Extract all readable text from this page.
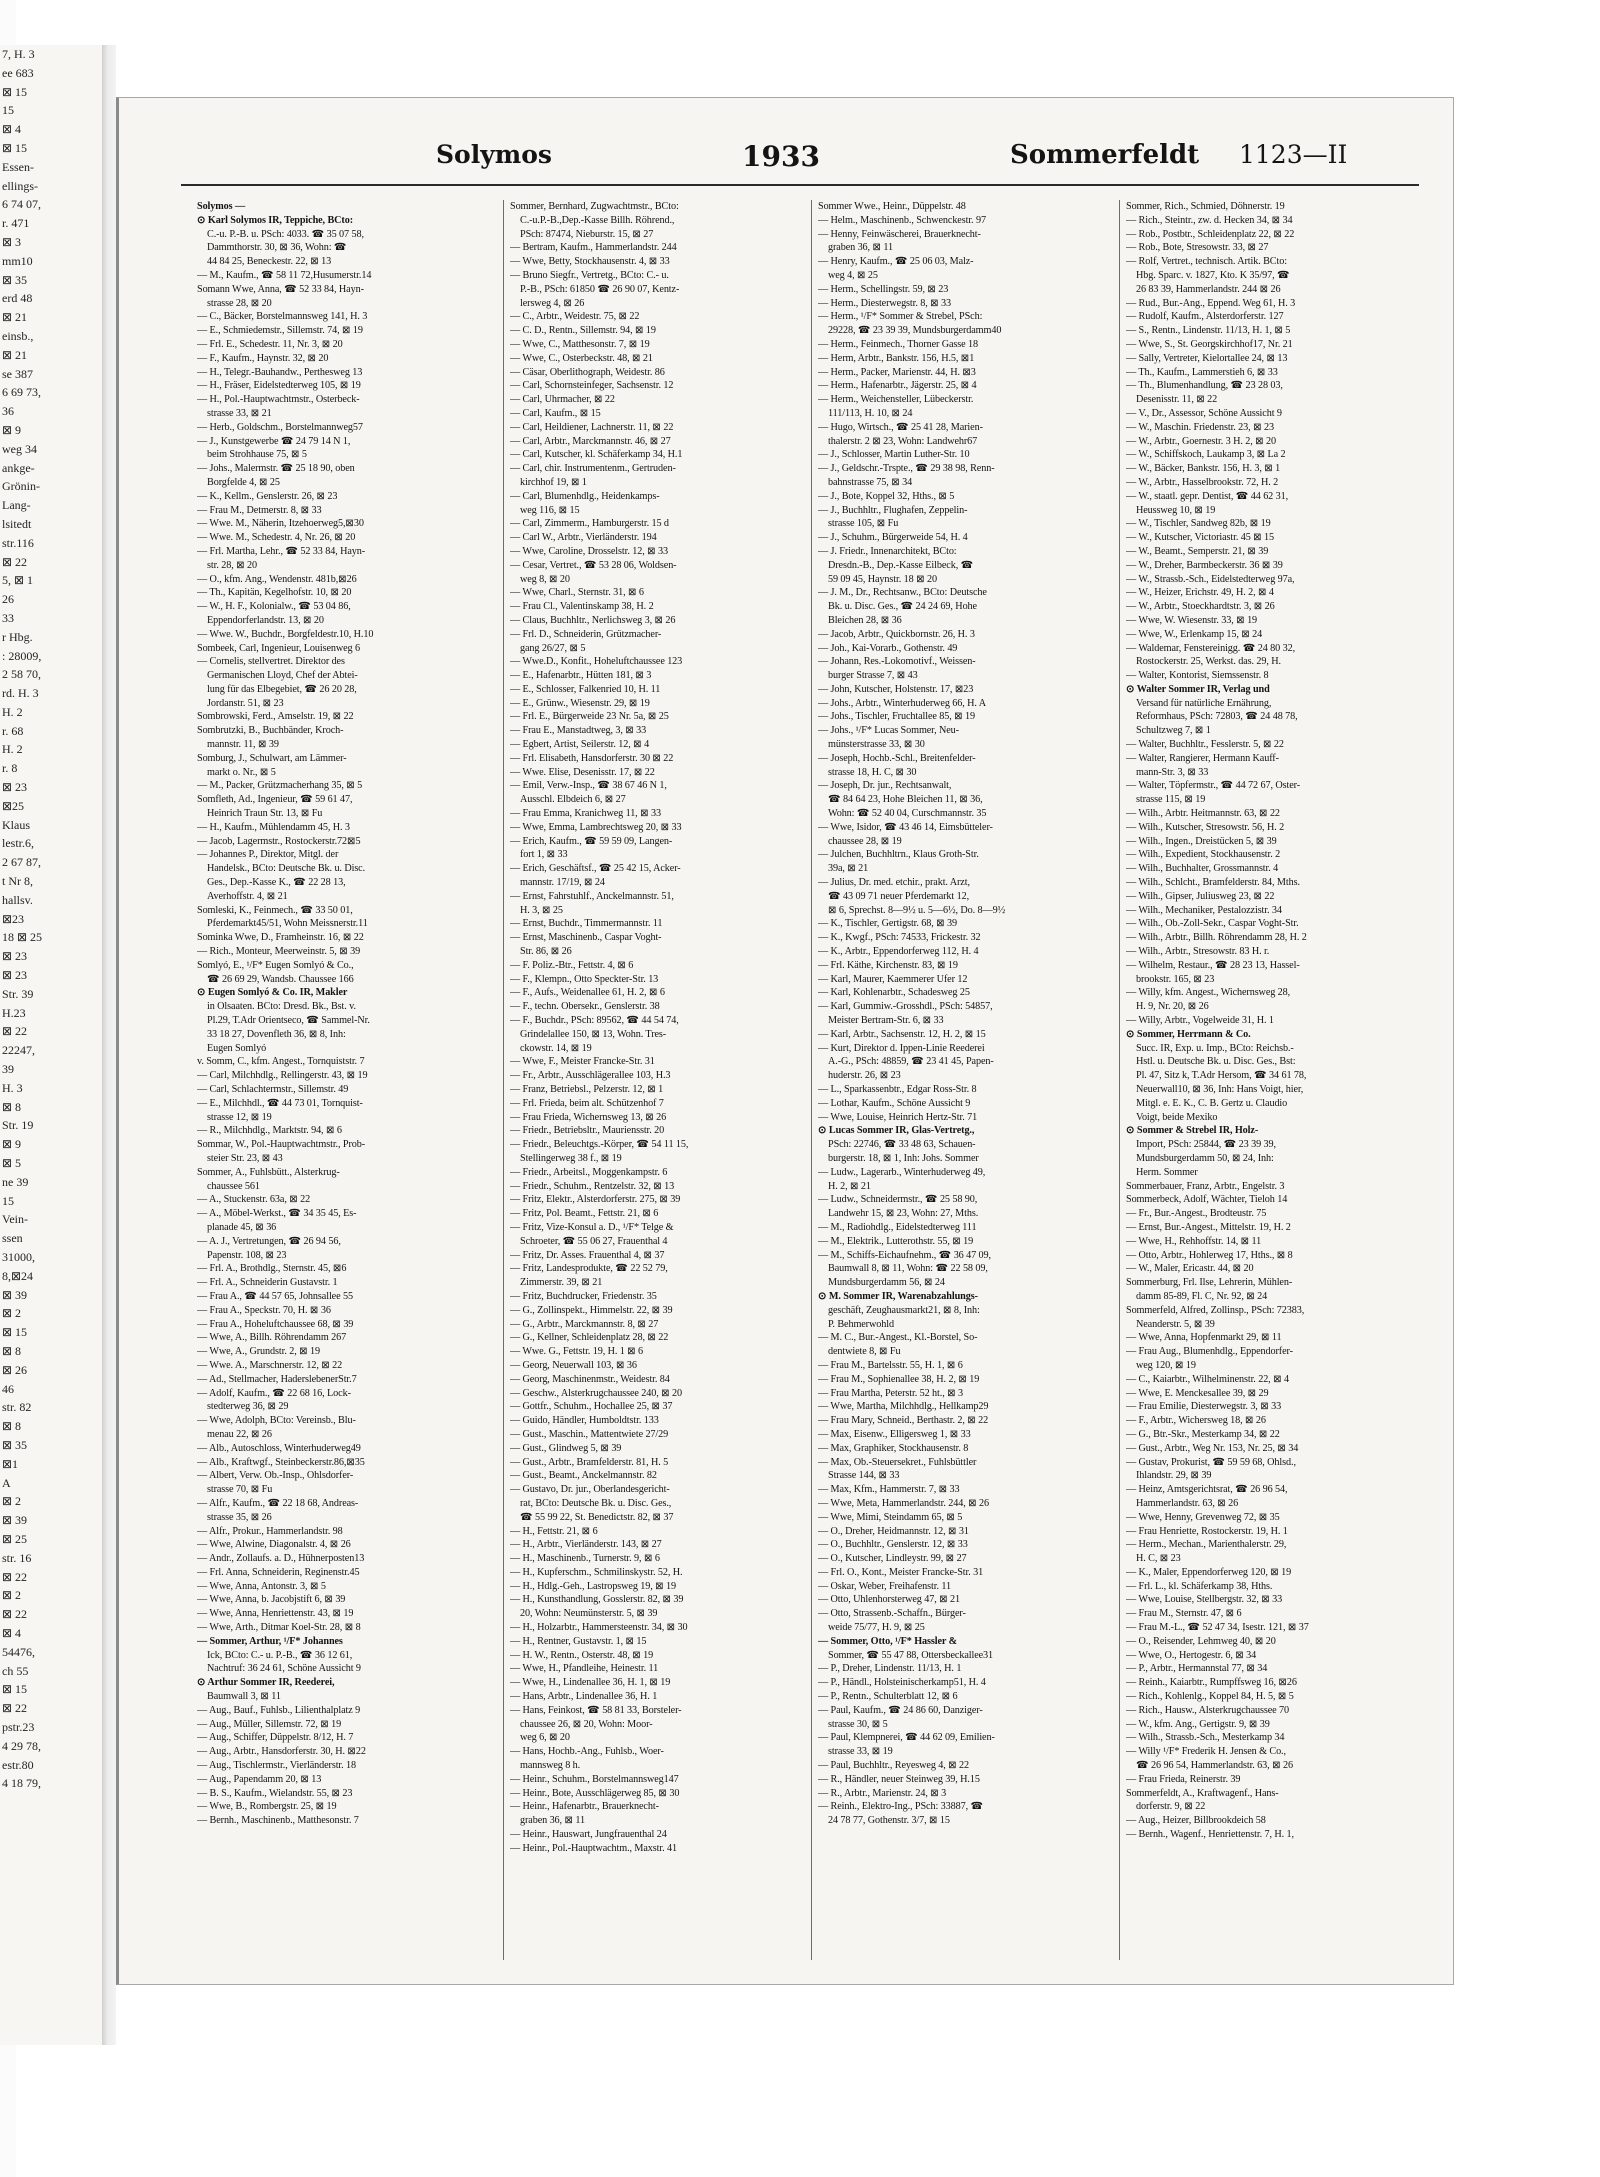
7, H. 3
ee 683
⊠ 15
15
⊠ 4
⊠ 15
Essen-
ellings-
6 74 07,
r. 471
⊠ 3
mm10
⊠ 35
erd 48
⊠ 21
einsb.,
⊠ 21
se 387
6 69 73,
36
⊠ 9
weg 34
ankge-
Grönin-
Lang-
lsitedt
str.116
⊠ 22
5, ⊠ 1
26
33
r Hbg.
: 28009,
2 58 70,
rd. H. 3
H. 2
r. 68
H. 2
r. 8
⊠ 23
⊠25
Klaus
lestr.6,
2 67 87,
t Nr 8,
hallsv.
⊠23
18 ⊠ 25
⊠ 23
⊠ 23
Str. 39
H.23
⊠ 22
22247,
39
H. 3
⊠ 8
Str. 19
⊠ 9
⊠ 5
ne 39
15
Vein-
ssen
31000,
8,⊠24
⊠ 39
⊠ 2
⊠ 15
⊠ 8
⊠ 26
46
str. 82
⊠ 8
⊠ 35
⊠1
A
⊠ 2
⊠ 39
⊠ 25
str. 16
⊠ 22
⊠ 2
⊠ 22
⊠ 4
54476,
ch 55
⊠ 15
⊠ 22
pstr.23
4 29 78,
estr.80
4 18 79,
Solymos	1933	Sommerfeldt 1123—II
Solymos —
⊙ Karl Solymos IR, Teppiche, BCto:
C.-u. P.-B. u. PSch: 4033. ☎ 35 07 58,
Dammthorstr. 30, ⊠ 36, Wohn: ☎
44 84 25, Beneckestr. 22, ⊠ 13
— M., Kaufm., ☎ 58 11 72,Husumerstr.14
Somann Wwe, Anna, ☎ 52 33 84, Hayn-
strasse 28, ⊠ 20
— C., Bäcker, Borstelmannsweg 141, H. 3
— E., Schmiedemstr., Sillemstr. 74, ⊠ 19
— Frl. E., Schedestr. 11, Nr. 3, ⊠ 20
— F., Kaufm., Haynstr. 32, ⊠ 20
— H., Telegr.-Bauhandw., Perthesweg 13
— H., Fräser, Eidelstedterweg 105, ⊠ 19
— H., Pol.-Hauptwachtmstr., Osterbeck-
strasse 33, ⊠ 21
— Herb., Goldschm., Borstelmannweg57
— J., Kunstgewerbe ☎ 24 79 14 N 1,
beim Strohhause 75, ⊠ 5
— Johs., Malermstr. ☎ 25 18 90, oben
Borgfelde 4, ⊠ 25
— K., Kellm., Genslerstr. 26, ⊠ 23
— Frau M., Detmerstr. 8, ⊠ 33
— Wwe. M., Näherin, Itzehoerweg5,⊠30
— Wwe. M., Schedestr. 4, Nr. 26, ⊠ 20
— Frl. Martha, Lehr., ☎ 52 33 84, Hayn-
str. 28, ⊠ 20
— O., kfm. Ang., Wendenstr. 481b,⊠26
— Th., Kapitän, Kegelhofstr. 10, ⊠ 20
— W., H. F., Kolonialw., ☎ 53 04 86,
Eppendorferlandstr. 13, ⊠ 20
— Wwe. W., Buchdr., Borgfeldestr.10, H.10
Sombeek, Carl, Ingenieur, Louisenweg 6
— Cornelis, stellvertret. Direktor des
Germanischen Lloyd, Chef der Abtei-
lung für das Elbegebiet, ☎ 26 20 28,
Jordanstr. 51, ⊠ 23
Sombrowski, Ferd., Amselstr. 19, ⊠ 22
Sombrutzki, B., Buchbänder, Kroch-
mannstr. 11, ⊠ 39
Somburg, J., Schulwart, am Lämmer-
markt o. Nr., ⊠ 5
— M., Packer, Grützmacherhang 35, ⊠ 5
Somfleth, Ad., Ingenieur, ☎ 59 61 47,
Heinrich Traun Str. 13, ⊠ Fu
— H., Kaufm., Mühlendamm 45, H. 3
— Jacob, Lagermstr., Rostockerstr.72⊠5
— Johannes P., Direktor, Mitgl. der
Handelsk., BCto: Deutsche Bk. u. Disc.
Ges., Dep.-Kasse K., ☎ 22 28 13,
Averhoffstr. 4, ⊠ 21
Somleski, K., Feinmech., ☎ 33 50 01,
Pferdemarkt45/51, Wohn Meissnerstr.11
Sominka Wwe, D., Framheinstr. 16, ⊠ 22
— Rich., Monteur, Meerweinstr. 5, ⊠ 39
Somlyó, E., ¹/F* Eugen Somlyó & Co.,
☎ 26 69 29, Wandsb. Chaussee 166
⊙ Eugen Somlyó & Co. IR, Makler
in Olsaaten. BCto: Dresd. Bk., Bst. v.
Pl.29, T.Adr Orientseco, ☎ Sammel-Nr.
33 18 27, Dovenfleth 36, ⊠ 8, Inh:
Eugen Somlyó
v. Somm, C., kfm. Angest., Tornquiststr. 7
— Carl, Milchhdlg., Rellingerstr. 43, ⊠ 19
— Carl, Schlachtermstr., Sillemstr. 49
— E., Milchhdl., ☎ 44 73 01, Tornquist-
strasse 12, ⊠ 19
— R., Milchhdlg., Marktstr. 94, ⊠ 6
Sommar, W., Pol.-Hauptwachtmstr., Prob-
steier Str. 23, ⊠ 43
Sommer, A., Fuhlsbütt., Alsterkrug-
chaussee 561
— A., Stuckenstr. 63a, ⊠ 22
— A., Möbel-Werkst., ☎ 34 35 45, Es-
planade 45, ⊠ 36
— A. J., Vertretungen, ☎ 26 94 56,
Papenstr. 108, ⊠ 23
— Frl. A., Brothdlg., Sternstr. 45, ⊠6
— Frl. A., Schneiderin Gustavstr. 1
— Frau A., ☎ 44 57 65, Johnsallee 55
— Frau A., Speckstr. 70, H. ⊠ 36
— Frau A., Hoheluftchaussee 68, ⊠ 39
— Wwe, A., Billh. Röhrendamm 267
— Wwe, A., Grundstr. 2, ⊠ 19
— Wwe. A., Marschnerstr. 12, ⊠ 22
— Ad., Stellmacher, HaderslebenerStr.7
— Adolf, Kaufm., ☎ 22 68 16, Lock-
stedterweg 36, ⊠ 29
— Wwe, Adolph, BCto: Vereinsb., Blu-
menau 22, ⊠ 26
— Alb., Autoschloss, Winterhuderweg49
— Alb., Kraftwgf., Steinbeckerstr.86,⊠35
— Albert, Verw. Ob.-Insp., Ohlsdorfer-
strasse 70, ⊠ Fu
— Alfr., Kaufm., ☎ 22 18 68, Andreas-
strasse 35, ⊠ 26
— Alfr., Prokur., Hammerlandstr. 98
— Wwe, Alwine, Diagonalstr. 4, ⊠ 26
— Andr., Zollaufs. a. D., Hühnerposten13
— Frl. Anna, Schneiderin, Reginenstr.45
— Wwe, Anna, Antonstr. 3, ⊠ 5
— Wwe, Anna, b. Jacobjstift 6, ⊠ 39
— Wwe, Anna, Henriettenstr. 43, ⊠ 19
— Wwe, Arth., Ditmar Koel-Str. 28, ⊠ 8
— Sommer, Arthur, ¹/F* Johannes
Ick, BCto: C.- u. P.-B., ☎ 36 12 61,
Nachtruf: 36 24 61, Schöne Aussicht 9
⊙ Arthur Sommer IR, Reederei,
Baumwall 3, ⊠ 11
— Aug., Bauf., Fuhlsb., Lilienthalplatz 9
— Aug., Müller, Sillemstr. 72, ⊠ 19
— Aug., Schiffer, Düppelstr. 8/12, H. 7
— Aug., Arbtr., Hansdorferstr. 30, H. ⊠22
— Aug., Tischlermstr., Vierländerstr. 18
— Aug., Papendamm 20, ⊠ 13
— B. S., Kaufm., Wielandstr. 55, ⊠ 23
— Wwe, B., Rombergstr. 25, ⊠ 19
— Bernh., Maschinenb., Matthesonstr. 7
Sommer, Bernhard, Zugwachtmstr., BCto:
C.-u.P.-B.,Dep.-Kasse Billh. Röhrend.,
PSch: 87474, Nieburstr. 15, ⊠ 27
— Bertram, Kaufm., Hammerlandstr. 244
— Wwe, Betty, Stockhausenstr. 4, ⊠ 33
— Bruno Siegfr., Vertretg., BCto: C.- u.
P.-B., PSch: 61850 ☎ 26 90 07, Kentz-
lersweg 4, ⊠ 26
— C., Arbtr., Weidestr. 75, ⊠ 22
— C. D., Rentn., Sillemstr. 94, ⊠ 19
— Wwe, C., Matthesonstr. 7, ⊠ 19
— Wwe, C., Osterbeckstr. 48, ⊠ 21
— Cäsar, Oberlithograph, Weidestr. 86
— Carl, Schornsteinfeger, Sachsenstr. 12
— Carl, Uhrmacher, ⊠ 22
— Carl, Kaufm., ⊠ 15
— Carl, Heildiener, Lachnerstr. 11, ⊠ 22
— Carl, Arbtr., Marckmannstr. 46, ⊠ 27
— Carl, Kutscher, kl. Schäferkamp 34, H.1
— Carl, chir. Instrumentenm., Gertruden-
kirchhof 19, ⊠ 1
— Carl, Blumenhdlg., Heidenkamps-
weg 116, ⊠ 15
— Carl, Zimmerm., Hamburgerstr. 15 d
— Carl W., Arbtr., Vierländerstr. 194
— Wwe, Caroline, Drosselstr. 12, ⊠ 33
— Cesar, Vertret., ☎ 53 28 06, Woldsen-
weg 8, ⊠ 20
— Wwe, Charl., Sternstr. 31, ⊠ 6
— Frau Cl., Valentinskamp 38, H. 2
— Claus, Buchhltr., Nerlichsweg 3, ⊠ 26
— Frl. D., Schneiderin, Grützmacher-
gang 26/27, ⊠ 5
— Wwe.D., Konfit., Hoheluftchaussee 123
— E., Hafenarbtr., Hütten 181, ⊠ 3
— E., Schlosser, Falkenried 10, H. 11
— E., Grünw., Wiesenstr. 29, ⊠ 19
— Frl. E., Bürgerweide 23 Nr. 5a, ⊠ 25
— Frau E., Manstadtweg, 3, ⊠ 33
— Egbert, Artist, Seilerstr. 12, ⊠ 4
— Frl. Elisabeth, Hansdorferstr. 30 ⊠ 22
— Wwe. Elise, Desenisstr. 17, ⊠ 22
— Emil, Verw.-Insp., ☎ 38 67 46 N 1,
Ausschl. Elbdeich 6, ⊠ 27
— Frau Emma, Kranichweg 11, ⊠ 33
— Wwe, Emma, Lambrechtsweg 20, ⊠ 33
— Erich, Kaufm., ☎ 59 59 09, Langen-
fort 1, ⊠ 33
— Erich, Geschäftsf., ☎ 25 42 15, Acker-
mannstr. 17/19, ⊠ 24
— Ernst, Fahrstuhlf., Anckelmannstr. 51,
H. 3, ⊠ 25
— Ernst, Buchdr., Timmermannstr. 11
— Ernst, Maschinenb., Caspar Voght-
Str. 86, ⊠ 26
— F. Poliz.-Btr., Fettstr. 4, ⊠ 6
— F., Klempn., Otto Speckter-Str. 13
— F., Aufs., Weidenallee 61, H. 2, ⊠ 6
— F., techn. Obersekr., Genslerstr. 38
— F., Buchdr., PSch: 89562, ☎ 44 54 74,
Grindelallee 150, ⊠ 13, Wohn. Tres-
ckowstr. 14, ⊠ 19
— Wwe, F., Meister Francke-Str. 31
— Fr., Arbtr., Ausschlägerallee 103, H.3
— Franz, Betriebsl., Pelzerstr. 12, ⊠ 1
— Frl. Frieda, beim alt. Schützenhof 7
— Frau Frieda, Wichernsweg 13, ⊠ 26
— Friedr., Betriebsltr., Mauriensstr. 20
— Friedr., Beleuchtgs.-Körper, ☎ 54 11 15,
Stellingerweg 38 f., ⊠ 19
— Friedr., Arbeitsl., Moggenkampstr. 6
— Friedr., Schuhm., Rentzelstr. 32, ⊠ 13
— Fritz, Elektr., Alsterdorferstr. 275, ⊠ 39
— Fritz, Pol. Beamt., Fettstr. 21, ⊠ 6
— Fritz, Vize-Konsul a. D., ¹/F* Telge &
Schroeter, ☎ 55 06 27, Frauenthal 4
— Fritz, Dr. Asses. Frauenthal 4, ⊠ 37
— Fritz, Landesprodukte, ☎ 22 52 79,
Zimmerstr. 39, ⊠ 21
— Fritz, Buchdrucker, Friedenstr. 35
— G., Zollinspekt., Himmelstr. 22, ⊠ 39
— G., Arbtr., Marckmannstr. 8, ⊠ 27
— G., Kellner, Schleidenplatz 28, ⊠ 22
— Wwe. G., Fettstr. 19, H. 1 ⊠ 6
— Georg, Neuerwall 103, ⊠ 36
— Georg, Maschinenmstr., Weidestr. 84
— Geschw., Alsterkrugchaussee 240, ⊠ 20
— Gottfr., Schuhm., Hochallee 25, ⊠ 37
— Guido, Händler, Humboldtstr. 133
— Gust., Maschin., Mattentwiete 27/29
— Gust., Glindweg 5, ⊠ 39
— Gust., Arbtr., Bramfelderstr. 81, H. 5
— Gust., Beamt., Anckelmannstr. 82
— Gustavo, Dr. jur., Oberlandesgericht-
rat, BCto: Deutsche Bk. u. Disc. Ges.,
☎ 55 99 22, St. Benedictstr. 82, ⊠ 37
— H., Fettstr. 21, ⊠ 6
— H., Arbtr., Vierländerstr. 143, ⊠ 27
— H., Maschinenb., Turnerstr. 9, ⊠ 6
— H., Kupferschm., Schmilinskystr. 52, H.
— H., Hdlg.-Geh., Lastropsweg 19, ⊠ 19
— H., Kunsthandlung, Gosslerstr. 82, ⊠ 39
20, Wohn: Neumünsterstr. 5, ⊠ 39
— H., Holzarbtr., Hammersteenstr. 34, ⊠ 30
— H., Rentner, Gustavstr. 1, ⊠ 15
— H. W., Rentn., Osterstr. 48, ⊠ 19
— Wwe, H., Pfandleihe, Heinestr. 11
— Wwe, H., Lindenallee 36, H. 1, ⊠ 19
— Hans, Arbtr., Lindenallee 36, H. 1
— Hans, Feinkost, ☎ 58 81 33, Borsteler-
chaussee 26, ⊠ 20, Wohn: Moor-
weg 6, ⊠ 20
— Hans, Hochb.-Ang., Fuhlsb., Woer-
mannsweg 8 h.
— Heinr., Schuhm., Borstelmannsweg147
— Heinr., Bote, Ausschlägerweg 85, ⊠ 30
— Heinr., Hafenarbtr., Brauerknecht-
graben 36, ⊠ 11
— Heinr., Hauswart, Jungfrauenthal 24
— Heinr., Pol.-Hauptwachtm., Maxstr. 41
Sommer Wwe., Heinr., Düppelstr. 48
— Helm., Maschinenb., Schwenckestr. 97
— Henny, Feinwäscherei, Brauerknecht-
graben 36, ⊠ 11
— Henry, Kaufm., ☎ 25 06 03, Malz-
weg 4, ⊠ 25
— Herm., Schellingstr. 59, ⊠ 23
— Herm., Diesterwegstr. 8, ⊠ 33
— Herm., ¹/F* Sommer & Strebel, PSch:
29228, ☎ 23 39 39, Mundsburgerdamm40
— Herm., Feinmech., Thorner Gasse 18
— Herm, Arbtr., Bankstr. 156, H.5, ⊠1
— Herm., Packer, Marienstr. 44, H. ⊠3
— Herm., Hafenarbtr., Jägerstr. 25, ⊠ 4
— Herm., Weichensteller, Lübeckerstr.
111/113, H. 10, ⊠ 24
— Hugo, Wirtsch., ☎ 25 41 28, Marien-
thalerstr. 2 ⊠ 23, Wohn: Landwehr67
— J., Schlosser, Martin Luther-Str. 10
— J., Geldschr.-Trspte., ☎ 29 38 98, Renn-
bahnstrasse 75, ⊠ 34
— J., Bote, Koppel 32, Hths., ⊠ 5
— J., Buchhltr., Flughafen, Zeppelin-
strasse 105, ⊠ Fu
— J., Schuhm., Bürgerweide 54, H. 4
— J. Friedr., Innenarchitekt, BCto:
Dresdn.-B., Dep.-Kasse Eilbeck, ☎
59 09 45, Haynstr. 18 ⊠ 20
— J. M., Dr., Rechtsanw., BCto: Deutsche
Bk. u. Disc. Ges., ☎ 24 24 69, Hohe
Bleichen 28, ⊠ 36
— Jacob, Arbtr., Quickbornstr. 26, H. 3
— Joh., Kai-Vorarb., Gothenstr. 49
— Johann, Res.-Lokomotivf., Weissen-
burger Strasse 7, ⊠ 43
— John, Kutscher, Holstenstr. 17, ⊠23
— Johs., Arbtr., Winterhuderweg 66, H. A
— Johs., Tischler, Fruchtallee 85, ⊠ 19
— Johs., ¹/F* Lucas Sommer, Neu-
münsterstrasse 33, ⊠ 30
— Joseph, Hochb.-Schl., Breitenfelder-
strasse 18, H. C, ⊠ 30
— Joseph, Dr. jur., Rechtsanwalt,
☎ 84 64 23, Hohe Bleichen 11, ⊠ 36,
Wohn: ☎ 52 40 04, Curschmannstr. 35
— Wwe, Isidor, ☎ 43 46 14, Eimsbütteler-
chaussee 28, ⊠ 19
— Julchen, Buchhltrn., Klaus Groth-Str.
39a, ⊠ 21
— Julius, Dr. med. etchir., prakt. Arzt,
☎ 43 09 71 neuer Pferdemarkt 12,
⊠ 6, Sprechst. 8—9½ u. 5—6½, Do. 8—9½
— K., Tischler, Gertigstr. 68, ⊠ 39
— K., Kwgf., PSch: 74533, Frickestr. 32
— K., Arbtr., Eppendorferweg 112, H. 4
— Frl. Käthe, Kirchenstr. 83, ⊠ 19
— Karl, Maurer, Kaemmerer Ufer 12
— Karl, Kohlenarbtr., Schadesweg 25
— Karl, Gummiw.-Grosshdl., PSch: 54857,
Meister Bertram-Str. 6, ⊠ 33
— Karl, Arbtr., Sachsenstr. 12, H. 2, ⊠ 15
— Kurt, Direktor d. Ippen-Linie Reederei
A.-G., PSch: 48859, ☎ 23 41 45, Papen-
huderstr. 26, ⊠ 23
— L., Sparkassenbtr., Edgar Ross-Str. 8
— Lothar, Kaufm., Schöne Aussicht 9
— Wwe, Louise, Heinrich Hertz-Str. 71
⊙ Lucas Sommer IR, Glas-Vertretg.,
PSch: 22746, ☎ 33 48 63, Schauen-
burgerstr. 18, ⊠ 1, Inh: Johs. Sommer
— Ludw., Lagerarb., Winterhuderweg 49,
H. 2, ⊠ 21
— Ludw., Schneidermstr., ☎ 25 58 90,
Landwehr 15, ⊠ 23, Wohn: 27, Mths.
— M., Radiohdlg., Eidelstedterweg 111
— M., Elektrik., Lutterothstr. 55, ⊠ 19
— M., Schiffs-Eichaufnehm., ☎ 36 47 09,
Baumwall 8, ⊠ 11, Wohn: ☎ 22 58 09,
Mundsburgerdamm 56, ⊠ 24
⊙ M. Sommer IR, Warenabzahlungs-
geschäft, Zeughausmarkt21, ⊠ 8, Inh:
P. Behmerwohld
— M. C., Bur.-Angest., Kl.-Borstel, So-
dentwiete 8, ⊠ Fu
— Frau M., Bartelsstr. 55, H. 1, ⊠ 6
— Frau M., Sophienallee 38, H. 2, ⊠ 19
— Frau Martha, Peterstr. 52 ht., ⊠ 3
— Wwe, Martha, Milchhdlg., Hellkamp29
— Frau Mary, Schneid., Berthastr. 2, ⊠ 22
— Max, Eisenw., Elligersweg 1, ⊠ 33
— Max, Graphiker, Stockhausenstr. 8
— Max, Ob.-Steuersekret., Fuhlsbüttler
Strasse 144, ⊠ 33
— Max, Kfm., Hammerstr. 7, ⊠ 33
— Wwe, Meta, Hammerlandstr. 244, ⊠ 26
— Wwe, Mimi, Steindamm 65, ⊠ 5
— O., Dreher, Heidmannstr. 12, ⊠ 31
— O., Buchhltr., Genslerstr. 12, ⊠ 33
— O., Kutscher, Lindleystr. 99, ⊠ 27
— Frl. O., Kont., Meister Francke-Str. 31
— Oskar, Weber, Freihafenstr. 11
— Otto, Uhlenhorsterweg 47, ⊠ 21
— Otto, Strassenb.-Schaffn., Bürger-
weide 75/77, H. 9, ⊠ 25
— Sommer, Otto, ¹/F* Hassler &
Sommer, ☎ 55 47 88, Ottersbeckallee31
— P., Dreher, Lindenstr. 11/13, H. 1
— P., Händl., Holsteinischerkamp51, H. 4
— P., Rentn., Schulterblatt 12, ⊠ 6
— Paul, Kaufm., ☎ 24 86 60, Danziger-
strasse 30, ⊠ 5
— Paul, Klempnerei, ☎ 44 62 09, Emilien-
strasse 33, ⊠ 19
— Paul, Buchhltr., Reyesweg 4, ⊠ 22
— R., Händler, neuer Steinweg 39, H.15
— R., Arbtr., Marienstr. 24, ⊠ 3
— Reinh., Elektro-Ing., PSch: 33887, ☎
24 78 77, Gothenstr. 3/7, ⊠ 15
Sommer, Rich., Schmied, Döhnerstr. 19
— Rich., Steintr., zw. d. Hecken 34, ⊠ 34
— Rob., Postbtr., Schleidenplatz 22, ⊠ 22
— Rob., Bote, Stresowstr. 33, ⊠ 27
— Rolf, Vertret., technisch. Artik. BCto:
Hbg. Sparc. v. 1827, Kto. K 35/97, ☎
26 83 39, Hammerlandstr. 244 ⊠ 26
— Rud., Bur.-Ang., Eppend. Weg 61, H. 3
— Rudolf, Kaufm., Alsterdorferstr. 127
— S., Rentn., Lindenstr. 11/13, H. 1, ⊠ 5
— Wwe, S., St. Georgskirchhof17, Nr. 21
— Sally, Vertreter, Kielortallee 24, ⊠ 13
— Th., Kaufm., Lammerstieh 6, ⊠ 33
— Th., Blumenhandlung, ☎ 23 28 03,
Desenisstr. 11, ⊠ 22
— V., Dr., Assessor, Schöne Aussicht 9
— W., Maschin. Friedenstr. 23, ⊠ 23
— W., Arbtr., Goernestr. 3 H. 2, ⊠ 20
— W., Schiffskoch, Laukamp 3, ⊠ La 2
— W., Bäcker, Bankstr. 156, H. 3, ⊠ 1
— W., Arbtr., Hasselbrookstr. 72, H. 2
— W., staatl. gepr. Dentist, ☎ 44 62 31,
Heussweg 10, ⊠ 19
— W., Tischler, Sandweg 82b, ⊠ 19
— W., Kutscher, Victoriastr. 45 ⊠ 15
— W., Beamt., Semperstr. 21, ⊠ 39
— W., Dreher, Barmbeckerstr. 36 ⊠ 39
— W., Strassb.-Sch., Eidelstedterweg 97a,
— W., Heizer, Erichstr. 49, H. 2, ⊠ 4
— W., Arbtr., Stoeckhardtstr. 3, ⊠ 26
— Wwe, W. Wiesenstr. 33, ⊠ 19
— Wwe, W., Erlenkamp 15, ⊠ 24
— Waldemar, Fenstereinigg. ☎ 24 80 32,
Rostockerstr. 25, Werkst. das. 29, H.
— Walter, Kontorist, Siemssenstr. 8
⊙ Walter Sommer IR, Verlag und
Versand für natürliche Ernährung,
Reformhaus, PSch: 72803, ☎ 24 48 78,
Schultzweg 7, ⊠ 1
— Walter, Buchhltr., Fesslerstr. 5, ⊠ 22
— Walter, Rangierer, Hermann Kauff-
mann-Str. 3, ⊠ 33
— Walter, Töpfermstr., ☎ 44 72 67, Oster-
strasse 115, ⊠ 19
— Wilh., Arbtr. Heitmannstr. 63, ⊠ 22
— Wilh., Kutscher, Stresowstr. 56, H. 2
— Wilh., Ingen., Dreistücken 5, ⊠ 39
— Wilh., Expedient, Stockhausenstr. 2
— Wilh., Buchhalter, Grossmannstr. 4
— Wilh., Schlcht., Bramfelderstr. 84, Mths.
— Wilh., Gipser, Juliusweg 23, ⊠ 22
— Wilh., Mechaniker, Pestalozzistr. 34
— Wilh., Ob.-Zoll-Sekr., Caspar Voght-Str.
— Wilh., Arbtr., Billh. Röhrendamm 28, H. 2
— Wilh., Arbtr., Stresowstr. 83 H. r.
— Wilhelm, Restaur., ☎ 28 23 13, Hassel-
brookstr. 165, ⊠ 23
— Willy, kfm. Angest., Wichernsweg 28,
H. 9, Nr. 20, ⊠ 26
— Willy, Arbtr., Vogelweide 31, H. 1
⊙ Sommer, Herrmann & Co.
Succ. IR, Exp. u. Imp., BCto: Reichsb.-
Hstl. u. Deutsche Bk. u. Disc. Ges., Bst:
Pl. 47, Sitz k, T.Adr Hersom, ☎ 34 61 78,
Neuerwall10, ⊠ 36, Inh: Hans Voigt, hier,
Mitgl. e. E. K., C. B. Gertz u. Claudio
Voigt, beide Mexiko
⊙ Sommer & Strebel IR, Holz-
Import, PSch: 25844, ☎ 23 39 39,
Mundsburgerdamm 50, ⊠ 24, Inh:
Herm. Sommer
Sommerbauer, Franz, Arbtr., Engelstr. 3
Sommerbeck, Adolf, Wächter, Tieloh 14
— Fr., Bur.-Angest., Brodteustr. 75
— Ernst, Bur.-Angest., Mittelstr. 19, H. 2
— Wwe, H., Rehhoffstr. 14, ⊠ 11
— Otto, Arbtr., Hohlerweg 17, Hths., ⊠ 8
— W., Maler, Ericastr. 44, ⊠ 20
Sommerburg, Frl. Ilse, Lehrerin, Mühlen-
damm 85-89, Fl. C, Nr. 92, ⊠ 24
Sommerfeld, Alfred, Zollinsp., PSch: 72383,
Neanderstr. 5, ⊠ 39
— Wwe, Anna, Hopfenmarkt 29, ⊠ 11
— Frau Aug., Blumenhdlg., Eppendorfer-
weg 120, ⊠ 19
— C., Kaiarbtr., Wilhelminenstr. 22, ⊠ 4
— Wwe, E. Menckesallee 39, ⊠ 29
— Frau Emilie, Diesterwegstr. 3, ⊠ 33
— F., Arbtr., Wichersweg 18, ⊠ 26
— G., Btr.-Skr., Mesterkamp 34, ⊠ 22
— Gust., Arbtr., Weg Nr. 153, Nr. 25, ⊠ 34
— Gustav, Prokurist, ☎ 59 59 68, Ohlsd.,
Ihlandstr. 29, ⊠ 39
— Heinz, Amtsgerichtsrat, ☎ 26 96 54,
Hammerlandstr. 63, ⊠ 26
— Wwe, Henny, Grevenweg 72, ⊠ 35
— Frau Henriette, Rostockerstr. 19, H. 1
— Herm., Mechan., Marienthalerstr. 29,
H. C, ⊠ 23
— K., Maler, Eppendorferweg 120, ⊠ 19
— Frl. L., kl. Schäferkamp 38, Hths.
— Wwe, Louise, Stellbergstr. 32, ⊠ 33
— Frau M., Sternstr. 47, ⊠ 6
— Frau M.-L., ☎ 52 47 34, Isestr. 121, ⊠ 37
— O., Reisender, Lehmweg 40, ⊠ 20
— Wwe, O., Hertogestr. 6, ⊠ 34
— P., Arbtr., Hermannstal 77, ⊠ 34
— Reinh., Kaiarbtr., Rumpffsweg 16, ⊠26
— Rich., Kohlenlg., Koppel 84, H. 5, ⊠ 5
— Rich., Hausw., Alsterkrugchaussee 70
— W., kfm. Ang., Gertigstr. 9, ⊠ 39
— Wilh., Strassb.-Sch., Mesterkamp 34
— Willy ¹/F* Frederik H. Jensen & Co.,
☎ 26 96 54, Hammerlandstr. 63, ⊠ 26
— Frau Frieda, Reinerstr. 39
Sommerfeldt, A., Kraftwagenf., Hans-
dorferstr. 9, ⊠ 22
— Aug., Heizer, Billbrookdeich 58
— Bernh., Wagenf., Henriettenstr. 7, H. 1,
